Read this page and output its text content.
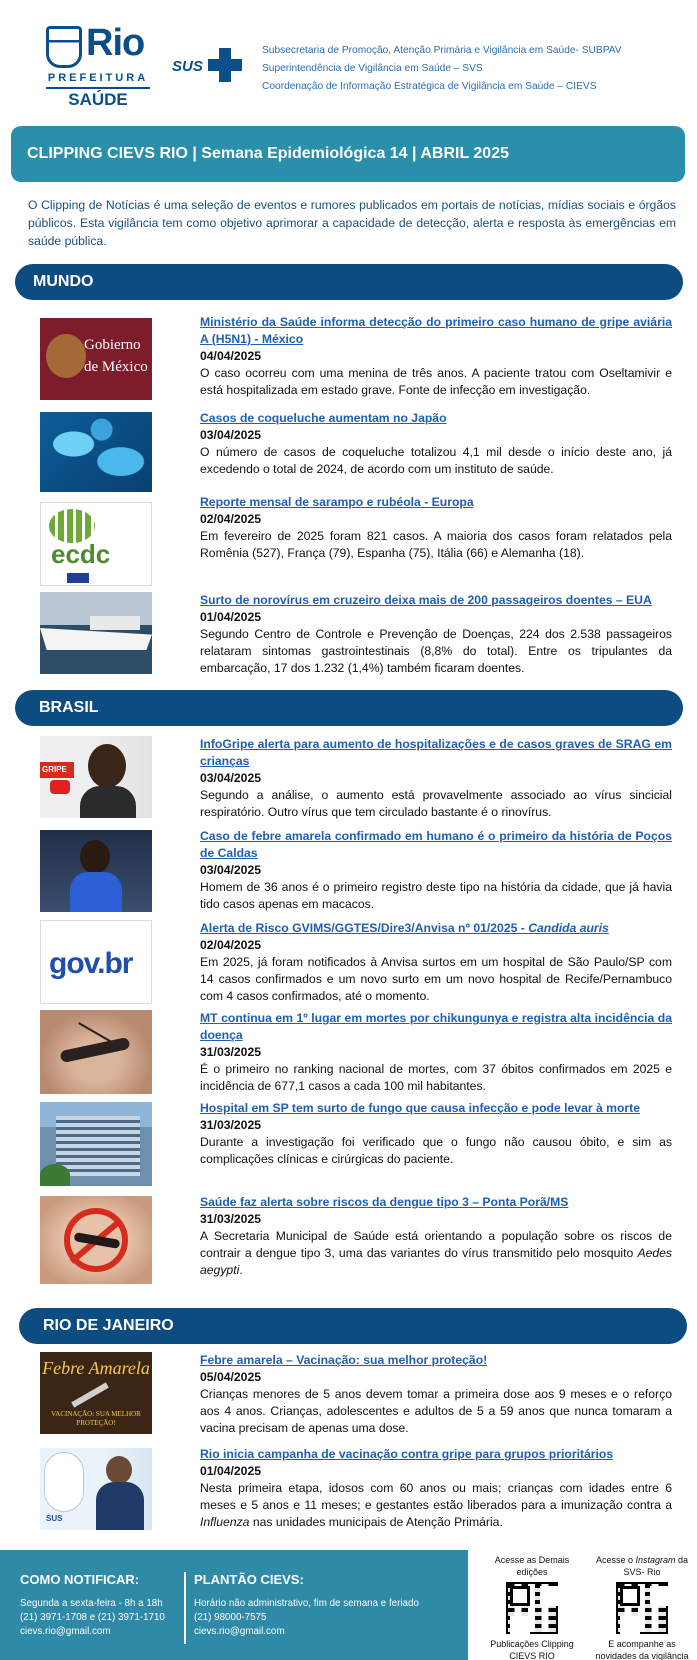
Rio
PREFEITURA
SAÚDE
SUS
Subsecretaria de Promoção, Atenção Primária e Vigilância em Saúde- SUBPAV
Superintendência de Vigilância em Saúde – SVS
Coordenação de Informação Estratégica de Vigilância em Saúde – CIEVS
CLIPPING CIEVS RIO | Semana Epidemiológica 14 | ABRIL 2025

O Clipping de Notícias é uma seleção de eventos e rumores publicados em portais de notícias, mídias sociais e órgãos públicos. Esta vigilância tem como objetivo aprimorar a capacidade de detecção, alerta e resposta às emergências em saúde pública.

MUNDO
Gobierno de México
Ministério da Saúde informa detecção do primeiro caso humano de gripe aviária A (H5N1) - México
04/04/2025
O caso ocorreu com uma menina de três anos. A paciente tratou com Oseltamivir e está hospitalizada em estado grave. Fonte de infecção em investigação.
Casos de coqueluche aumentam no Japão
03/04/2025
O número de casos de coqueluche totalizou 4,1 mil desde o início deste ano, já excedendo o total de 2024, de acordo com um instituto de saúde.
ecdc
Reporte mensal de sarampo e rubéola - Europa
02/04/2025
Em fevereiro de 2025 foram 821 casos. A maioria dos casos foram relatados pela Romênia (527), França (79), Espanha (75), Itália (66) e Alemanha (18).
Surto de norovírus em cruzeiro deixa mais de 200 passageiros doentes – EUA
01/04/2025
Segundo Centro de Controle e Prevenção de Doenças, 224 dos 2.538 passageiros relataram sintomas gastrointestinais (8,8% do total). Entre os tripulantes da embarcação, 17 dos 1.232 (1,4%) também ficaram doentes.
BRASIL
GRIPE
InfoGripe alerta para aumento de hospitalizações e de casos graves de SRAG em crianças
03/04/2025
Segundo a análise, o aumento está provavelmente associado ao vírus sincicial respiratório. Outro vírus que tem circulado bastante é o rinovírus.
Caso de febre amarela confirmado em humano é o primeiro da história de Poços de Caldas
03/04/2025
Homem de 36 anos é o primeiro registro deste tipo na história da cidade, que já havia tido casos apenas em macacos.
gov.br
Alerta de Risco GVIMS/GGTES/Dire3/Anvisa nº 01/2025 - Candida auris
02/04/2025
Em 2025, já foram notificados à Anvisa surtos em um hospital de São Paulo/SP com 14 casos confirmados e um novo surto em um novo hospital de Recife/Pernambuco com 4 casos confirmados, até o momento.
MT continua em 1º lugar em mortes por chikungunya e registra alta incidência da doença
31/03/2025
É o primeiro no ranking nacional de mortes, com 37 óbitos confirmados em 2025 e incidência de 677,1 casos a cada 100 mil habitantes.
Hospital em SP tem surto de fungo que causa infecção e pode levar à morte
31/03/2025
Durante a investigação foi verificado que o fungo não causou óbito, e sim as complicações clínicas e cirúrgicas do paciente.
Saúde faz alerta sobre riscos da dengue tipo 3 – Ponta Porã/MS
31/03/2025
A Secretaria Municipal de Saúde está orientando a população sobre os riscos de contrair a dengue tipo 3, uma das variantes do vírus transmitido pelo mosquito Aedes aegypti.
RIO DE JANEIRO
Febre Amarela
VACINAÇÃO: SUA MELHOR PROTEÇÃO!
Febre amarela – Vacinação: sua melhor proteção!
05/04/2025
Crianças menores de 5 anos devem tomar a primeira dose aos 9 meses e o reforço aos 4 anos. Crianças, adolescentes e adultos de 5 a 59 anos que nunca tomaram a vacina precisam de apenas uma dose.
SUS
Rio inicia campanha de vacinação contra gripe para grupos prioritários
01/04/2025
Nesta primeira etapa, idosos com 60 anos ou mais; crianças com idades entre 6 meses e 5 anos e 11 meses; e gestantes estão liberados para a imunização contra a Influenza nas unidades municipais de Atenção Primária.
COMO NOTIFICAR:
Segunda a sexta-feira - 8h a 18h
(21) 3971-1708 e (21) 3971-1710
cievs.rio@gmail.com
PLANTÃO CIEVS:
Horário não administrativo, fim de semana e feriado
(21) 98000-7575
cievs.rio@gmail.com
Acesse as Demais edições
Publicações Clipping CIEVS RIO
Acesse o Instagram da SVS- Rio
E acompanhe as novidades da vigilância
